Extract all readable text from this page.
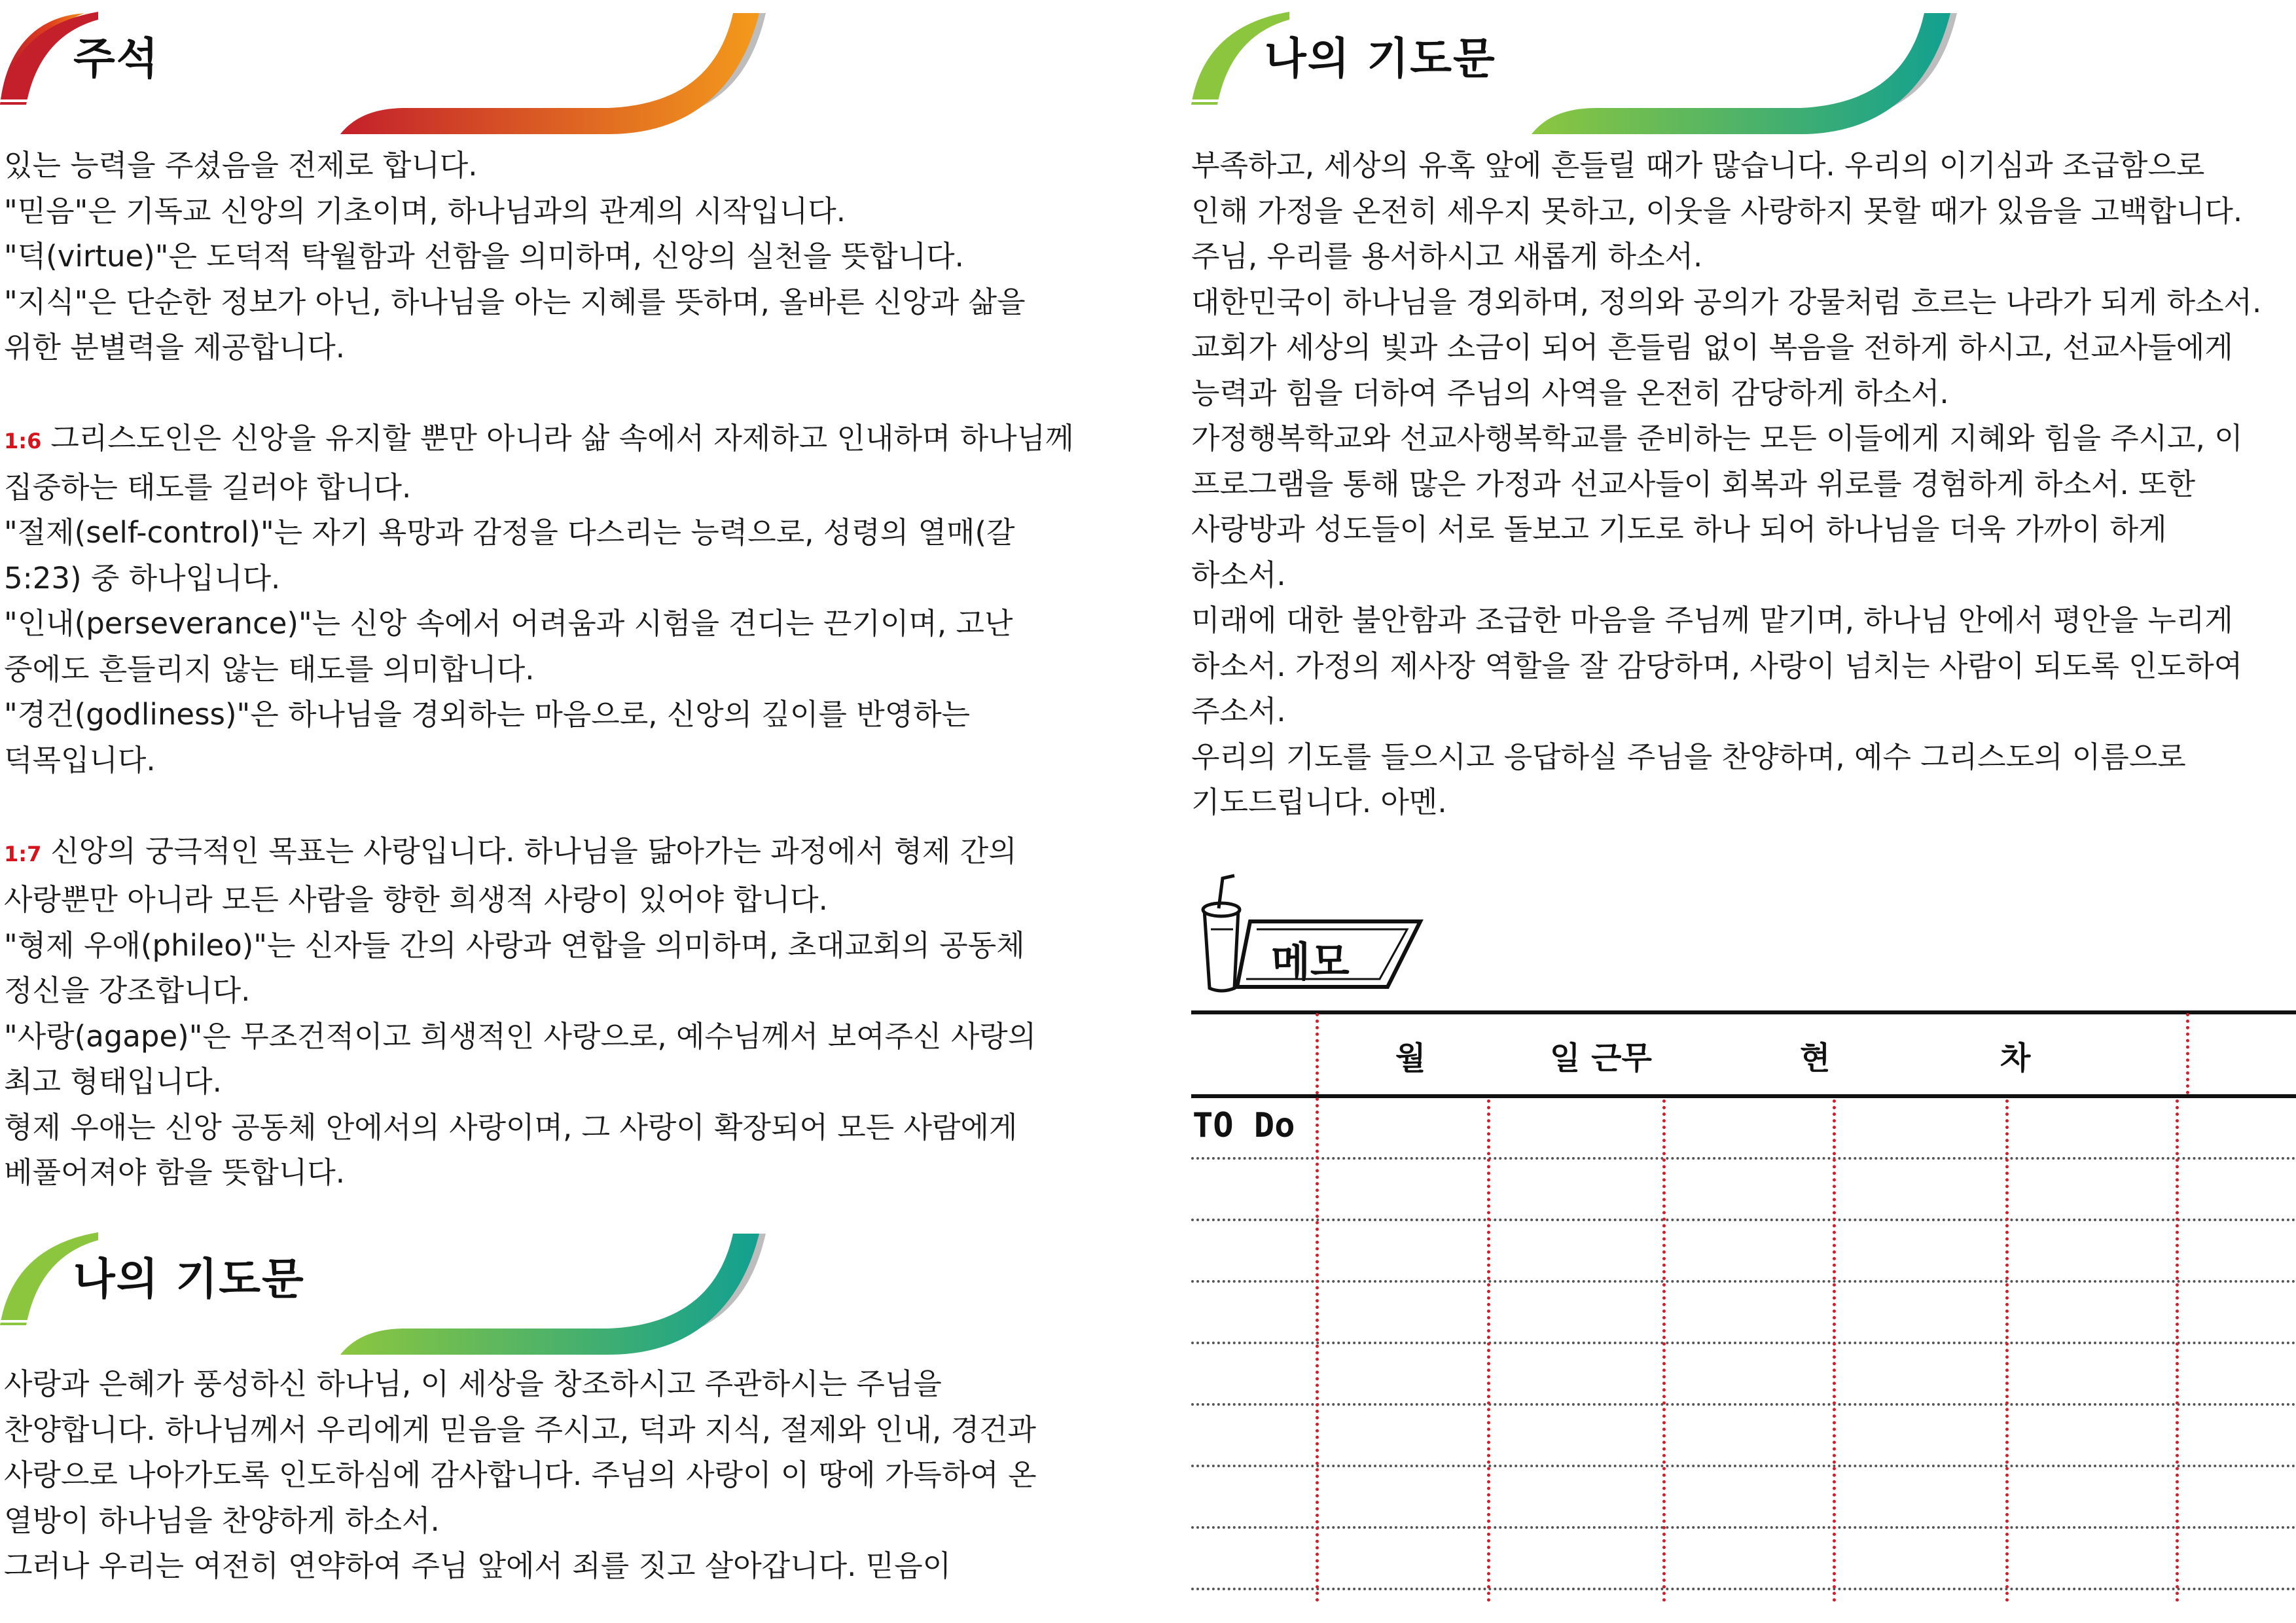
주석

있는 능력을 주셨음을 전제로 합니다.

"믿음"은 기독교 신앙의 기초이며, 하나님과의 관계의 시작입니다.

"덕(virtue)"은 도덕적 탁월함과 선함을 의미하며, 신앙의 실천을 뜻합니다.

"지식"은 단순한 정보가 아닌, 하나님을 아는 지혜를 뜻하며, 올바른 신앙과 삶을

위한 분별력을 제공합니다.

1:6 그리스도인은 신앙을 유지할 뿐만 아니라 삶 속에서 자제하고 인내하며 하나님께

집중하는 태도를 길러야 합니다.

"절제(self-control)"는 자기 욕망과 감정을 다스리는 능력으로, 성령의 열매(갈

5:23) 중 하나입니다.

"인내(perseverance)"는 신앙 속에서 어려움과 시험을 견디는 끈기이며, 고난

중에도 흔들리지 않는 태도를 의미합니다.

"경건(godliness)"은 하나님을 경외하는 마음으로, 신앙의 깊이를 반영하는

덕목입니다.

1:7 신앙의 궁극적인 목표는 사랑입니다. 하나님을 닮아가는 과정에서 형제 간의

사랑뿐만 아니라 모든 사람을 향한 희생적 사랑이 있어야 합니다.

"형제 우애(phileo)"는 신자들 간의 사랑과 연합을 의미하며, 초대교회의 공동체

정신을 강조합니다.

"사랑(agape)"은 무조건적이고 희생적인 사랑으로, 예수님께서 보여주신 사랑의

최고 형태입니다.

형제 우애는 신앙 공동체 안에서의 사랑이며, 그 사랑이 확장되어 모든 사람에게

베풀어져야 함을 뜻합니다.

나의 기도문

사랑과 은혜가 풍성하신 하나님, 이 세상을 창조하시고 주관하시는 주님을

찬양합니다. 하나님께서 우리에게 믿음을 주시고, 덕과 지식, 절제와 인내, 경건과

사랑으로 나아가도록 인도하심에 감사합니다. 주님의 사랑이 이 땅에 가득하여 온

열방이 하나님을 찬양하게 하소서.

그러나 우리는 여전히 연약하여 주님 앞에서 죄를 짓고 살아갑니다. 믿음이

나의 기도문

부족하고, 세상의 유혹 앞에 흔들릴 때가 많습니다. 우리의 이기심과 조급함으로

인해 가정을 온전히 세우지 못하고, 이웃을 사랑하지 못할 때가 있음을 고백합니다.

주님, 우리를 용서하시고 새롭게 하소서.

대한민국이 하나님을 경외하며, 정의와 공의가 강물처럼 흐르는 나라가 되게 하소서.

교회가 세상의 빛과 소금이 되어 흔들림 없이 복음을 전하게 하시고, 선교사들에게

능력과 힘을 더하여 주님의 사역을 온전히 감당하게 하소서.

가정행복학교와 선교사행복학교를 준비하는 모든 이들에게 지혜와 힘을 주시고, 이

프로그램을 통해 많은 가정과 선교사들이 회복과 위로를 경험하게 하소서. 또한

사랑방과 성도들이 서로 돌보고 기도로 하나 되어 하나님을 더욱 가까이 하게

하소서.

미래에 대한 불안함과 조급한 마음을 주님께 맡기며, 하나님 안에서 평안을 누리게

하소서. 가정의 제사장 역할을 잘 감당하며, 사랑이 넘치는 사람이 되도록 인도하여

주소서.

우리의 기도를 들으시고 응답하실 주님을 찬양하며, 예수 그리스도의 이름으로

기도드립니다. 아멘.

메모
월	일 근무	현	차
TO Do
